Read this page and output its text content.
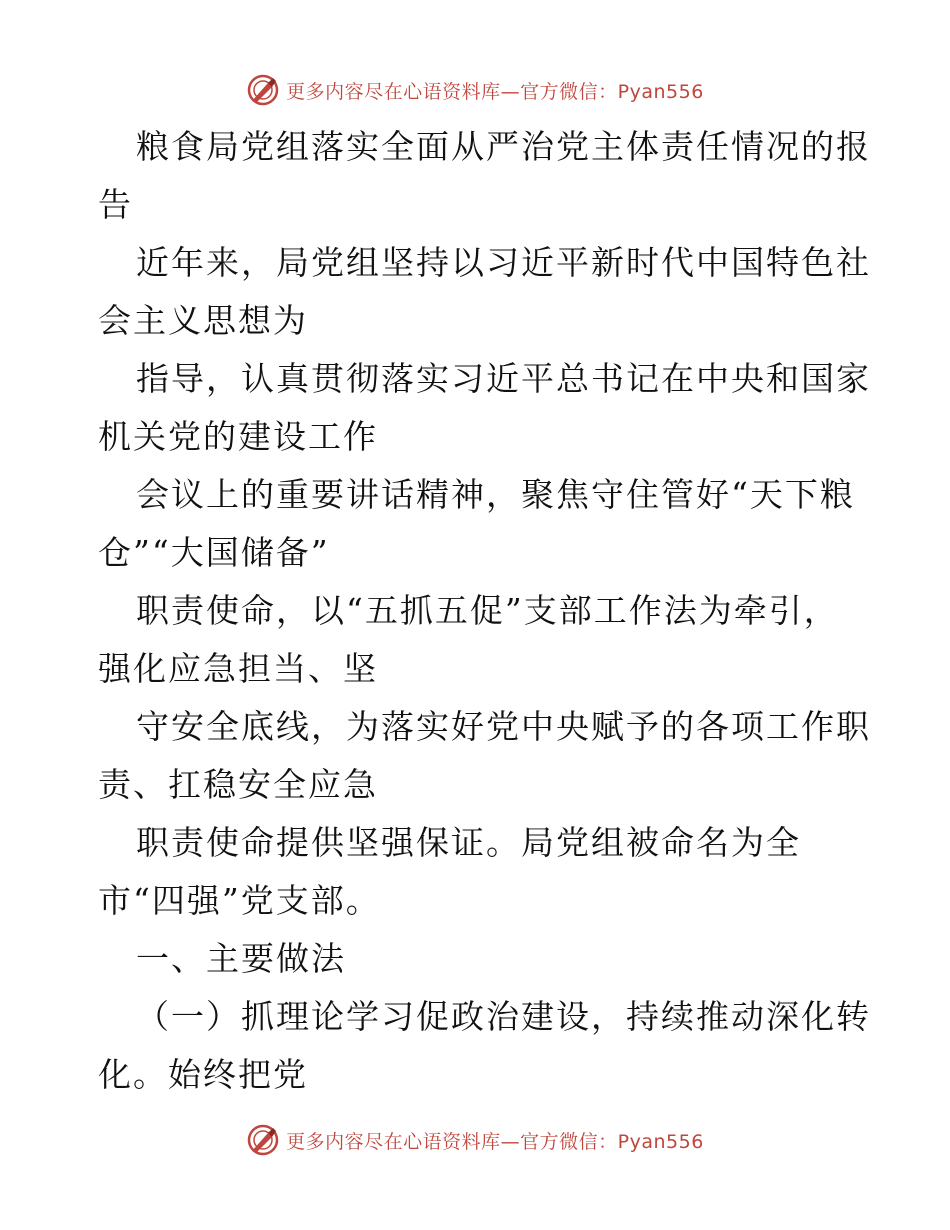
更多内容尽在心语资料库—官方微信：Pyan556
粮食局党组落实全面从严治党主体责任情况的报
告
近年来，局党组坚持以习近平新时代中国特色社
会主义思想为
指导，认真贯彻落实习近平总书记在中央和国家
机关党的建设工作
会议上的重要讲话精神，聚焦守住管好“天下粮
仓”“大国储备”
职责使命，以“五抓五促”支部工作法为牵引，
强化应急担当、坚
守安全底线，为落实好党中央赋予的各项工作职
责、扛稳安全应急
职责使命提供坚强保证。局党组被命名为全
市“四强”党支部。
一、主要做法
（一）抓理论学习促政治建设，持续推动深化转
化。始终把党
更多内容尽在心语资料库—官方微信：Pyan556
